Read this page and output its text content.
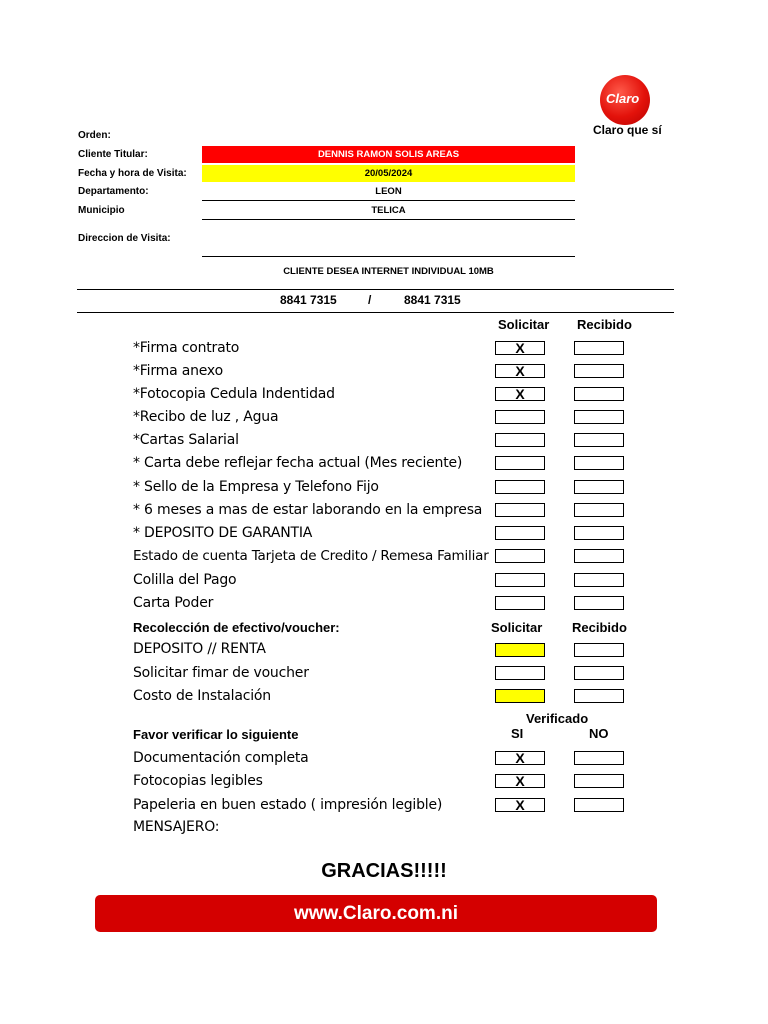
Claro
Claro que sí
Orden:
Cliente Titular:	DENNIS RAMON SOLIS AREAS
Fecha y hora de Visita:	20/05/2024
Departamento:	LEON
Municipio	TELICA
Direccion de Visita:
CLIENTE DESEA INTERNET INDIVIDUAL 10MB
8841 7315	/	8841 7315
Solicitar Recibido
*Firma contrato	X
*Firma anexo	X
*Fotocopia Cedula Indentidad	X
*Recibo de luz , Agua
*Cartas Salarial
* Carta debe reflejar fecha actual (Mes reciente)
* Sello de la Empresa y Telefono Fijo
* 6 meses a mas de estar laborando en la empresa
* DEPOSITO DE GARANTIA
Estado de cuenta Tarjeta de Credito / Remesa Familiar
Colilla del Pago
Carta Poder
Recolección de efectivo/voucher:	Solicitar Recibido
DEPOSITO // RENTA
Solicitar fimar de voucher
Costo de Instalación
Verificado
Favor verificar lo siguiente	SI	NO
Documentación completa	X
Fotocopias legibles	X
Papeleria en buen estado ( impresión legible)	X
MENSAJERO:
GRACIAS!!!!!
www.Claro.com.ni
